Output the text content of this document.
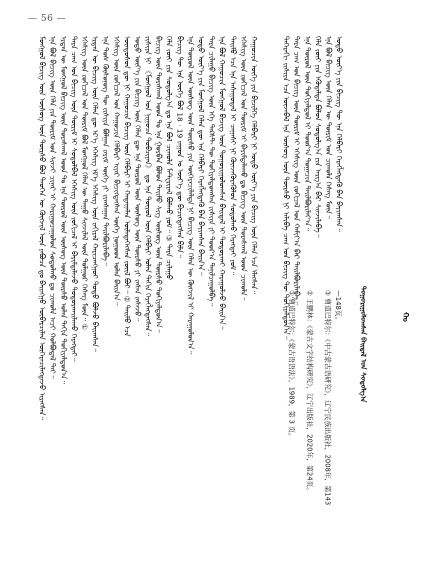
— 56 —
ᠮᠣᠩᠭᠣᠯ ᠪᠢᠴᠢᠭ ᠦᠨ ᠦᠰᠦᠭ ᠦᠨ ᠳᠦᠷᠰᠦ ᠪᠣᠯ ᠲᠡᠦᠬᠡᠨ ᠦ ᠬᠥᠭᠵᠢᠯ ᠦᠨ ᠶᠠᠪᠤᠴᠠ ᠳᠤ ᠪᠠᠢᠩᠭᠤ ᠥᠪᠡᠷᠴᠢᠯᠡᠨ ᠥᠭᠡᠷᠡᠴᠢᠯᠡᠭᠳᠡᠵᠦ ᠢᠷᠡᠭᠰᠡᠨ᠃ ᠡᠨᠡ ᠪᠣᠯ ᠪᠢᠴᠢᠭ ᠦᠨ ᠬᠡᠯᠡ ᠶᠢᠨ ᠳᠦᠷᠢᠮ ᠤᠨ ᠰᠢᠨᠵᠢ ᠴᠢᠨᠠᠷ ᠢ ᠬᠠᠷᠢᠭᠤᠴᠠᠭᠤᠯᠤᠨ ᠰᠤᠳᠤᠯᠬᠤ ᠳᠤ ᠴᠢᠬᠤᠯᠠ ᠠᠴᠢ ᠬᠣᠯᠪᠣᠳᠠᠯ ᠲᠠᠢ᠃ ᠡᠷᠲᠡᠨ ᠦ ᠮᠣᠩᠭᠣᠯ ᠪᠢᠴᠢᠭ ᠦᠨ ᠳᠤᠷᠠᠰᠬᠠᠯ ᠤᠳ ᠲᠤ ᠡᠨᠡ ᠲᠥᠷᠦᠯ ᠦᠨ ᠦᠰᠦᠭ ᠦᠨ ᠳᠦᠷᠰᠦ ᠣᠯᠠᠨ ᠳᠠᠬᠢᠨ ᠲᠣᠬᠢᠶᠠᠯᠳᠤᠨ᠎ᠠ᠃ ᠲᠡᠷᠡ ᠴᠠᠭ ᠤᠨ ᠪᠢᠴᠢᠭ ᠦᠨ ᠳᠦᠷᠢᠮ ᠢ ᠰᠤᠳᠤᠯᠪᠠᠯ ᠡᠭᠡᠰᠢᠭ ᠦᠨ ᠵᠣᠬᠢᠴᠠᠯ ᠢ ᠪᠠᠷᠢᠮᠲᠠᠯᠠᠵᠤ ᠲᠣᠳᠣᠷᠬᠠᠢᠯᠠᠬᠤ ᠬᠡᠷᠡᠭᠲᠡᠢ᠃ ᠡᠭᠡᠰᠢᠭ ᠦᠨ ᠵᠣᠬᠢᠴᠠᠯ ᠤᠨ ᠳᠦᠷᠢᠮ ᠪᠣᠯ ᠮᠣᠩᠭᠣᠯ ᠬᠡᠯᠡᠨ ᠦ ᠳᠠᠭᠤ ᠰᠢᠨᠵᠢᠯᠡᠯ ᠦᠨ ᠲᠤᠯᠭᠤᠷ ᠬᠡᠰᠡᠭ ᠮᠥᠨ᠃ ① ᠡᠷᠲᠡᠨ ᠦ ᠪᠢᠴᠢᠭ ᠦᠨ ᠬᠡᠯᠡᠨ ᠳᠦ ᠡᠷ᠎ᠡ ᠡᠭᠡᠰᠢᠭ ᠡᠮ᠎ᠡ ᠡᠭᠡᠰᠢᠭ ᠦᠨ ᠵᠠᠬᠢᠷᠠᠯ ᠬᠠᠷᠢᠴᠠᠩᠭᠤᠢ ᠲᠣᠳᠣ ᠪᠣᠯᠵᠤ ᠪᠠᠢᠭᠰᠠᠨ᠃ ᠡᠨᠡ ᠲᠤᠰ ᠬᠦᠰᠦᠨᠦᠭ ᠲᠦ ᠵᠢᠱᠢᠶᠡ ᠪᠣᠯᠭᠠᠨ ᠵᠠᠷᠢᠮ ᠦᠭᠡ ᠶᠢ ᠵᠢᠭᠰᠠᠭᠠᠨ ᠲᠠᠢᠯᠪᠤᠷᠢᠯᠠᠪᠠ᠃ ᠡᠭᠡᠰᠢᠭ ᠦᠨ ᠵᠣᠬᠢᠴᠠᠯ ᠤᠨ ᠬᠠᠭᠤᠴᠢᠨ ᠬᠡᠯᠪᠡᠷᠢ ᠢᠶᠠᠷ ᠪᠢᠴᠢᠭᠳᠡᠭᠰᠡᠨ ᠦᠭᠡ ᠨᠤᠭᠤᠳ ᠣᠯᠠᠨ ᠪᠠᠢᠨ᠎ᠠ᠃ ᠦᠨᠳᠦᠰᠦᠨ ᠳᠦ ᠨᠢ ᠬᠠᠭᠤᠴᠢᠨ ᠪᠢᠴᠢᠭ ᠦᠨ ᠬᠡᠯᠪᠡᠷᠢ ᠢ ᠬᠠᠳᠠᠭᠠᠯᠠᠨ ᠦᠯᠡᠳᠡᠭᠡᠭᠰᠡᠨ ᠵᠦᠢᠯ ᠪᠣᠢ᠃ ② ᠲᠡᠢᠮᠦ ᠡᠴᠡ ᠣᠳᠣ ᠦᠶ᠎ᠡ ᠶᠢᠨ ᠪᠢᠴᠢᠭ ᠦᠨ ᠬᠡᠯᠡᠨ ᠳᠦ ᠡᠨᠡ ᠲᠥᠷᠦᠯ ᠦᠨ ᠦᠰᠦᠭ ᠦᠨ ᠳᠦᠷᠰᠦ ᠶᠢ ᠵᠠᠰᠠᠨ ᠵᠠᠰᠠᠵᠤ᠃ ᠵᠢᠱᠢᠶᠡ ᠨᠢ 《ᠮᠣᠩᠭᠣᠯ ᠤᠨ ᠨᠢᠭᠤᠴᠠ ᠲᠣᠪᠴᠢᠶᠠᠨ》 ᠳᠤ ᠡᠨᠡ ᠲᠥᠷᠦᠯ ᠦᠨ ᠬᠡᠯᠪᠡᠷᠢ ᠣᠯᠠᠨ ᠳᠠᠬᠢᠨ ᠬᠡᠷᠡᠭᠯᠡᠭᠳᠡᠭᠰᠡᠨ᠃ ᠪᠢᠴᠢᠭ ᠦᠨ ᠳᠤᠷᠠᠰᠬᠠᠯ ᠤᠳ ᠲᠤ ᠡᠨᠡ ᠭᠤᠷᠪᠠᠨ ᠪᠣᠯᠤᠨ ᠲᠡᠢᠮᠦ ᠰᠢᠭ ᠦᠰᠦᠭ ᠦᠨ ᠳᠦᠷᠰᠦ ᠲᠣᠬᠢᠶᠠᠯᠳᠤᠨ᠎ᠠ᠃ ᠬᠡᠯᠡ ᠵᠦᠢ ᠶᠢᠨ ᠰᠤᠳᠤᠯᠭ᠎ᠠ ᠳᠤ ᠡᠨᠡ ᠪᠣᠯ ᠴᠢᠬᠤᠯᠠ ᠮᠠᠲᠸᠷᠢᠶᠠᠯ ᠪᠣᠯᠬᠤ ᠶᠤᠮ᠃ ③ ᠲᠡᠷᠡ ᠴᠢᠯᠠᠭᠤ ᠪᠢᠴᠢᠭ ᠲᠦ ᠡᠨᠡ ᠦᠭᠡ ᠪᠣᠯ 18 · 19 ᠵᠠᠭᠤᠨ ᠤ ᠦᠶ᠎ᠡ ᠳᠦ ᠪᠢᠴᠢᠭᠳᠡᠭᠰᠡᠨ ᠪᠢᠯᠡ᠃ ᠡᠨᠡ ᠲᠥᠷᠦᠯ ᠦᠨ ᠦᠰᠦᠭ ᠦᠨ ᠳᠦᠷᠰᠦ ᠶᠢᠨ ᠥᠭᠡᠷᠡᠴᠢᠯᠡᠯᠲᠡ ᠨᠢ ᠪᠢᠴᠢᠭ ᠦᠨ ᠬᠡᠯᠡᠨ ᠦ ᠬᠥᠭᠵᠢᠯ ᠢ ᠬᠠᠷᠠᠭᠤᠯᠤᠨ᠎ᠠ᠃ ᠣᠳᠣ ᠦᠶ᠎ᠡ ᠶᠢᠨ ᠮᠣᠩᠭᠣᠯ ᠬᠡᠯᠡᠨ ᠳᠦ ᠡᠨᠡ ᠬᠡᠯᠪᠡᠷᠢ ᠬᠡᠷᠡᠭᠯᠡᠭᠳᠡᠬᠦ ᠪᠠᠨ ᠪᠠᠶᠢᠭᠰᠠᠨ ᠪᠠᠢᠨ᠎ᠠ᠃ ᠲᠡᠷᠡ ᠴᠢᠯᠠᠭᠤ ᠪᠢᠴᠢᠭ ᠦᠨ ᠡᠬᠡ ᠲᠡᠺᠰᠲ ᠲᠦ ᠲᠣᠬᠢᠶᠠᠯᠳᠤᠭᠰᠠᠨ ᠵᠢᠱᠢᠶᠡ ᠶᠢ ᠳᠣᠣᠷ᠎ᠠ ᠲᠠᠨᠢᠯᠴᠠᠭᠤᠯᠪᠠ᠃ ᠡᠨᠡ ᠪᠣᠯ ᠬᠠᠭᠤᠴᠢᠨ ᠮᠣᠩᠭᠣᠯ ᠪᠢᠴᠢᠭ ᠦᠨ ᠲᠣᠭᠤᠷᠢᠭᠤᠯᠤᠭᠰᠠᠨ ᠪᠠᠢᠳᠠᠯ ᠢ ᠲᠣᠳᠣᠷᠬᠠᠢ ᠬᠠᠷᠠᠭᠤᠯᠵᠤ ᠪᠠᠢᠨ᠎ᠠ᠃ ᠲᠡᠢᠮᠦ ᠡᠴᠡ ᠡᠨᠡ ᠠᠰᠠᠭᠤᠳᠠᠯ ᠢ ᠴᠠᠭᠠᠰᠢ ᠨᠢ ᠭᠦᠨᠵᠡᠭᠦᠷᠡᠭᠦᠯᠦᠨ ᠰᠤᠳᠤᠯᠬᠤ ᠬᠡᠷᠡᠭᠲᠡᠢ ᠶᠤᠮ᠃ ᠡᠭᠡᠰᠢᠭ ᠦᠨ ᠵᠣᠬᠢᠴᠠᠯ ᠤᠨ ᠳᠦᠷᠢᠮ ᠢ ᠪᠠᠷᠢᠮᠲᠠᠯᠠᠬᠤ ᠳᠤ ᠪᠢᠴᠢᠭ ᠦᠨ ᠳᠤᠷᠠᠰᠬᠠᠯ ᠤᠳ ᠴᠢᠬᠤᠯᠠ᠃ ᠬᠠᠭᠤᠴᠢᠨ ᠦᠭᠡ ᠶᠢᠨ ᠪᠢᠴᠢᠯᠭᠡ ᠬᠡᠯᠪᠡᠷᠢ ᠨᠢ ᠣᠳᠣ ᠦᠶ᠎ᠡ ᠶᠢᠨ ᠪᠢᠴᠢᠭ ᠦᠨ ᠬᠡᠯᠡᠨ ᠡᠴᠡ ᠡᠯᠡᠭᠰᠡᠨ᠃	ᠳᠡᠭᠡᠷᠡᠬᠢ ᠵᠢᠱᠢᠶᠡ ᠡᠴᠡ ᠦᠵᠡᠪᠡᠯ ᠡᠨᠡ ᠦᠰᠦᠭ ᠦᠨ ᠳᠦᠷᠰᠦ ᠨᠢ ᠠᠯᠢᠪᠠ ᠴᠠᠭ ᠤᠨ ᠪᠢᠴᠢᠭ ᠲᠦ ᠲᠣᠬᠢᠶᠠᠯᠳᠤᠨ᠎ᠠ᠃ ᠲᠡᠷᠡ ᠴᠠᠭ ᠤᠨ ᠪᠢᠴᠢᠭ ᠦᠨ ᠳᠦᠷᠢᠮ ᠢ ᠡᠭᠡᠰᠢᠭ ᠦᠨ ᠵᠣᠬᠢᠴᠠᠯ ᠤᠨ ᠬᠠᠮᠢᠶ᠎ᠠ ᠪᠠᠷ ᠲᠠᠢᠯᠪᠤᠷᠢᠯᠠᠪᠠ᠃ ᠡᠨᠡ ᠲᠥᠷᠦᠯ ᠦᠨ ᠲᠣᠬᠢᠶᠠᠯᠳᠤᠯ ᠢ ᠳᠣᠣᠷ᠎ᠠ ᠲᠣᠭᠠᠴᠢᠨ ᠲᠠᠢᠯᠪᠤᠷᠢᠯᠠᠶ᠎ᠠ᠃ ᠬᠡᠯᠡ ᠵᠦᠢ ᠶᠢᠨ ᠡᠭᠦᠳᠡᠯᠲᠡ ᠪᠣᠯᠤᠨ ᠰᠤᠳᠤᠯᠭ᠎ᠠ ᠶᠢᠨ ᠠᠷᠭ᠎ᠠ ᠪᠠᠷ ᠰᠢᠨᠵᠢᠯᠡᠪᠡ᠃ ᠡᠨᠡ ᠪᠣᠯ ᠪᠢᠴᠢᠭ ᠦᠨ ᠬᠡᠯᠡᠨ ᠦ ᠳᠦᠷᠢᠮ ᠤᠨ ᠴᠢᠬᠤᠯᠠ ᠬᠡᠰᠡᠭ ᠮᠥᠨ᠃ ᠣᠳᠣ ᠦᠶ᠎ᠡ ᠶᠢᠨ ᠪᠢᠴᠢᠭ ᠲᠦ ᠡᠨᠡ ᠬᠡᠯᠪᠡᠷᠢ ᠬᠡᠷᠡᠭᠯᠡᠭᠳᠡᠬᠦ ᠪᠠᠨ ᠪᠠᠶᠢᠭᠰᠠᠨ᠃
ᠲᠣᠭᠤᠷᠢᠭᠤᠯᠤᠭᠰᠠᠨ ᠪᠠᠢᠳᠠᠯ ᠤᠨ ᠰᠣᠳᠤᠯᠭ᠎ᠠ
① 曹道巴特尔：《蒙古语语法》，1989，第 3 页。	② 王鹏林：《蒙古文字结构研究》，辽宁出版社，2020年，第24页。	③ 曹道巴特尔：《中古蒙古语研究》，辽宁民族出版社，2008年，第143—148页。	ᠬᠣ
